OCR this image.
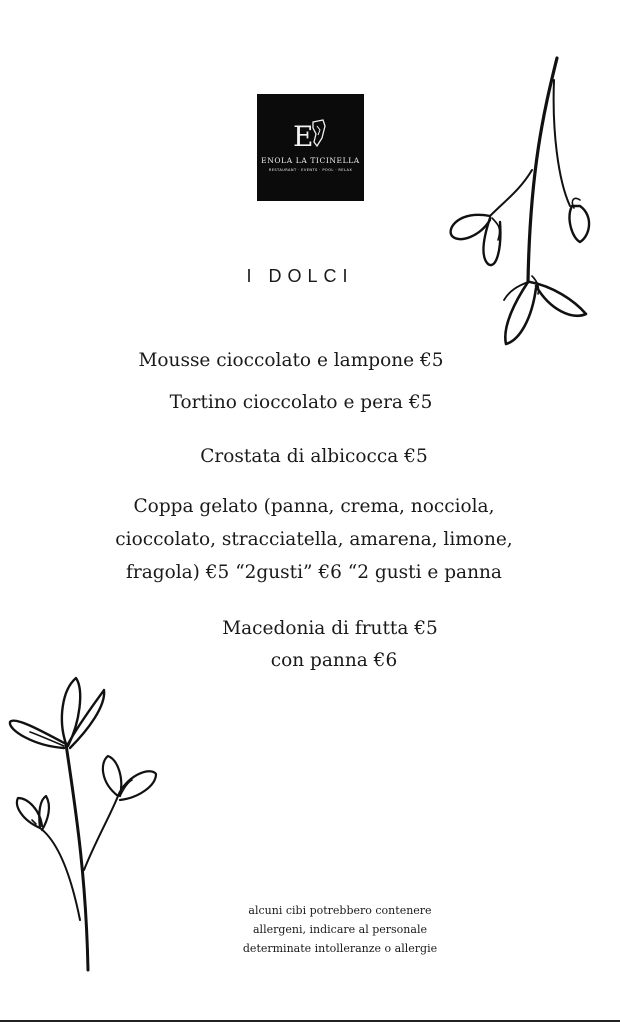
E
ENOLA LA TICINELLA
RESTAURANT · EVENTS · POOL · RELAX
I DOLCI
Mousse cioccolato e lampone €5
Tortino cioccolato e pera €5
Crostata di albicocca €5
Coppa gelato (panna, crema, nocciola,
cioccolato, stracciatella, amarena, limone,
fragola) €5 “2gusti” €6 “2 gusti e panna
Macedonia di frutta €5
con panna €6
alcuni cibi potrebbero contenere
allergeni, indicare al personale
determinate intolleranze o allergie
